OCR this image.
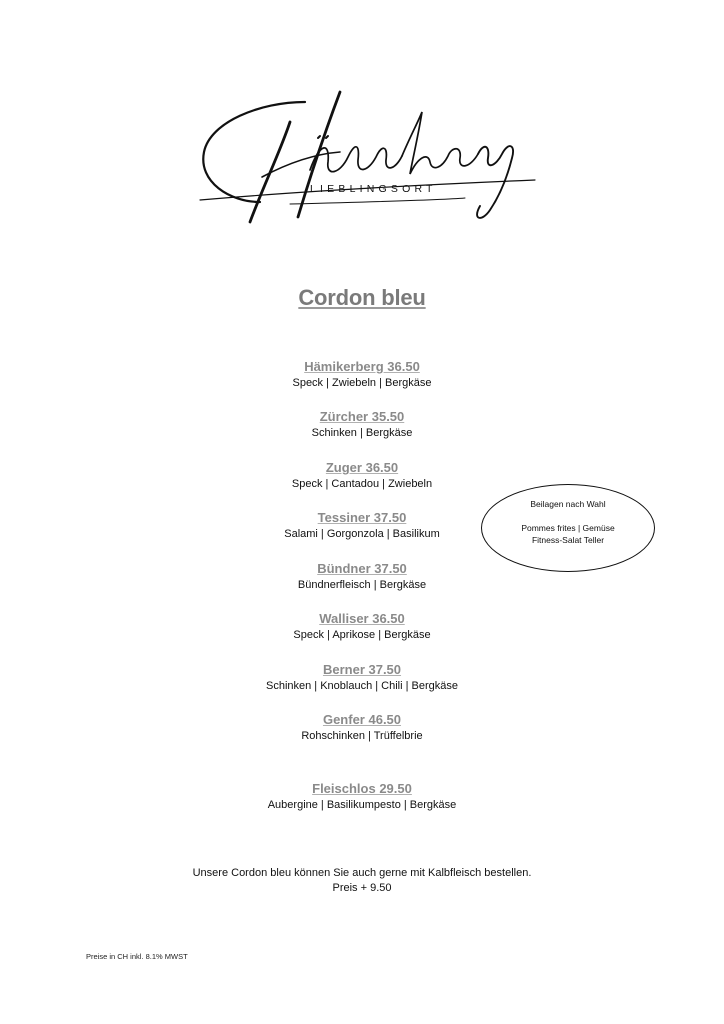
LIEBLINGSORT
Cordon bleu
Hämikerberg 36.50
Speck | Zwiebeln | Bergkäse
Zürcher 35.50
Schinken | Bergkäse
Zuger 36.50
Speck | Cantadou | Zwiebeln
Tessiner 37.50
Salami | Gorgonzola | Basilikum
Bündner 37.50
Bündnerfleisch | Bergkäse
Walliser 36.50
Speck | Aprikose | Bergkäse
Berner 37.50
Schinken | Knoblauch | Chili | Bergkäse
Genfer 46.50
Rohschinken | Trüffelbrie
Fleischlos 29.50
Aubergine | Basilikumpesto | Bergkäse
Beilagen nach Wahl
Pommes frites | Gemüse
Fitness-Salat Teller
Unsere Cordon bleu können Sie auch gerne mit Kalbfleisch bestellen.
Preis + 9.50
Preise in CH inkl. 8.1% MWST
